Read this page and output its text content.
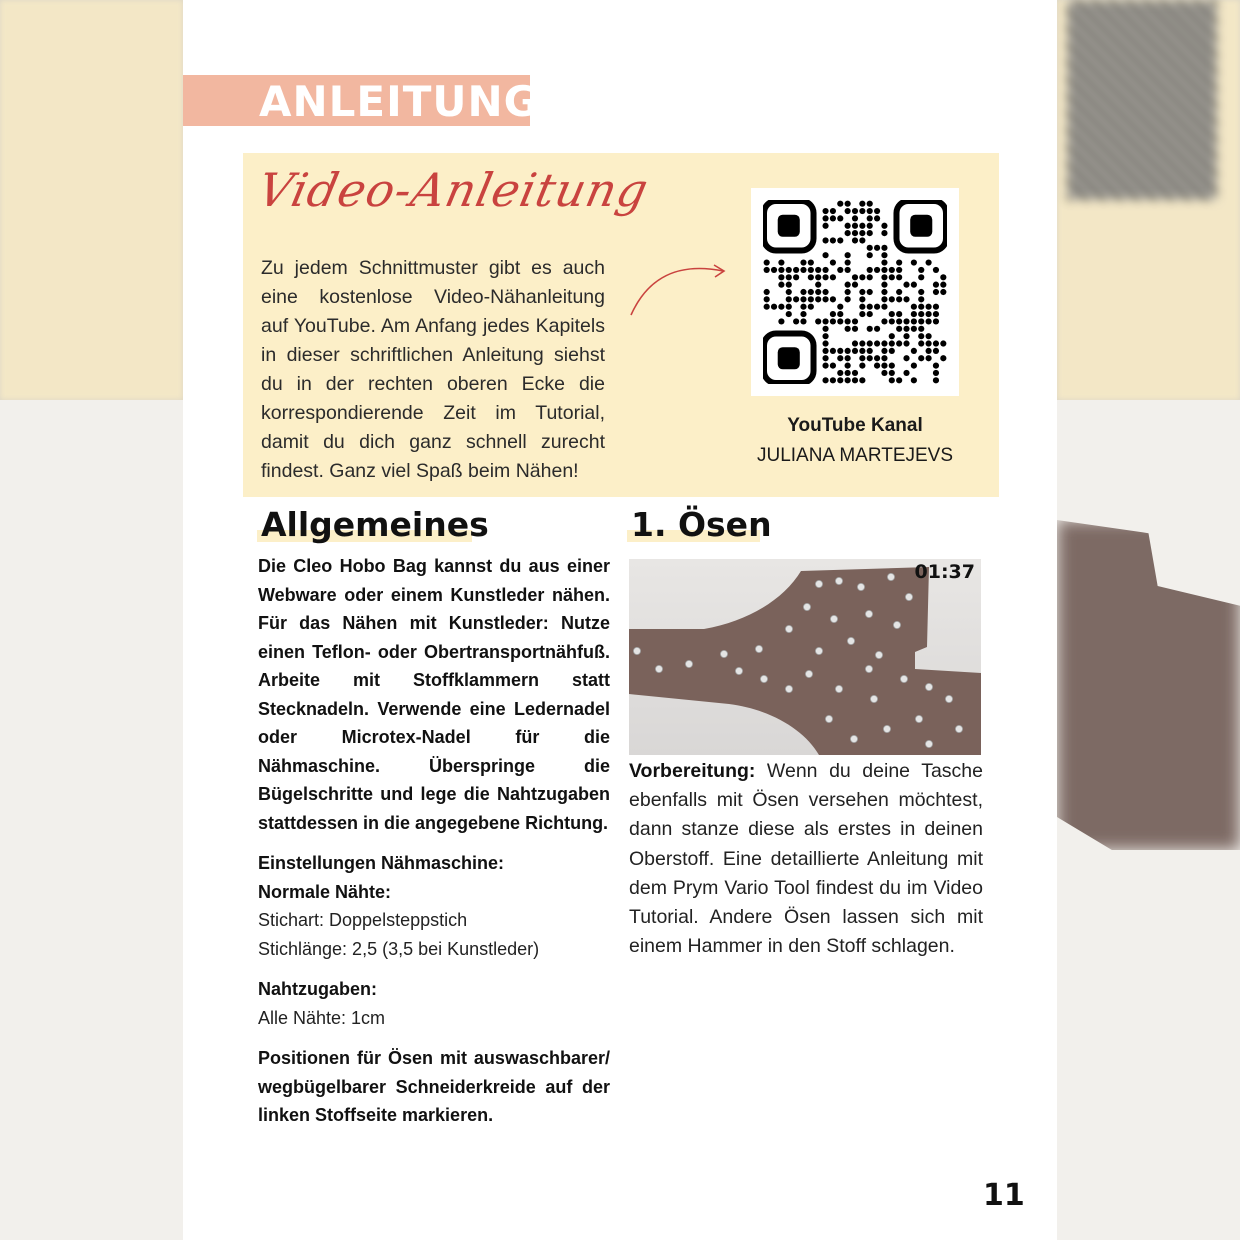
ANLEITUNG
Video-Anleitung
Zu jedem Schnittmuster gibt es auch eine kostenlose Video-Nähanleitung auf YouTube. Am Anfang jedes Kapitels in dieser schriftlichen Anleitung siehst du in der rechten oberen Ecke die korrespondierende Zeit im Tutorial, damit du dich ganz schnell zurecht findest. Ganz viel Spaß beim Nähen!
YouTube Kanal
JULIANA MARTEJEVS
Allgemeines
Die Cleo Hobo Bag kannst du aus einer Webware oder einem Kunstleder nähen. Für das Nähen mit Kunstleder: Nutze einen Teflon- oder Obertransportnähfuß. Arbeite mit Stoffklammern statt Stecknadeln. Verwende eine Ledernadel oder Microtex-Nadel für die Nähmaschine. Überspringe die Bügelschritte und lege die Nahtzugaben stattdessen in die angegebene Richtung.
Einstellungen Nähmaschine:
Normale Nähte:
Stichart: Doppelsteppstich
Stichlänge: 2,5 (3,5 bei Kunstleder)
Nahtzugaben:
Alle Nähte: 1cm
Positionen für Ösen mit auswaschbarer/ wegbügelbarer Schneiderkreide auf der linken Stoffseite markieren.
1. Ösen
01:37
Vorbereitung: Wenn du deine Tasche ebenfalls mit Ösen versehen möchtest, dann stanze diese als erstes in deinen Oberstoff. Eine detaillierte Anleitung mit dem Prym Vario Tool findest du im Video Tutorial. Andere Ösen lassen sich mit einem Hammer in den Stoff schlagen.
11
